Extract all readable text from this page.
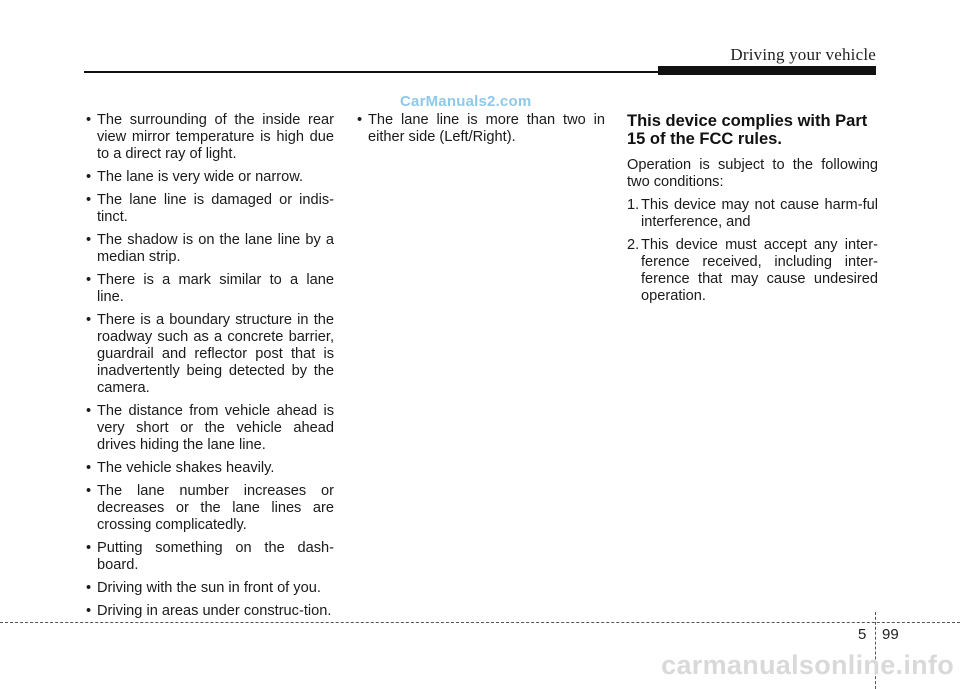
Driving your vehicle
CarManuals2.com
• The surrounding of the inside rear view mirror temperature is high due to a direct ray of light.
• The lane is very wide or narrow.
• The lane line is damaged or indis-tinct.
• The shadow is on the lane line by a median strip.
• There is a mark similar to a lane line.
• There is a boundary structure in the roadway such as a concrete barrier, guardrail and reflector post that is inadvertently being detected by the camera.
• The distance from vehicle ahead is very short or the vehicle ahead drives hiding the lane line.
• The vehicle shakes heavily.
• The lane number increases or decreases or the lane lines are crossing complicatedly.
• Putting something on the dash-board.
• Driving with the sun in front of you.
• Driving in areas under construc-tion.
• The lane line is more than two in either side (Left/Right).
This device complies with Part 15 of the FCC rules.

Operation is subject to the following two conditions:

1. This device may not cause harm-ful interference, and
2. This device must accept any inter-ference received, including inter-ference that may cause undesired operation.
5 99
carmanualsonline.info
